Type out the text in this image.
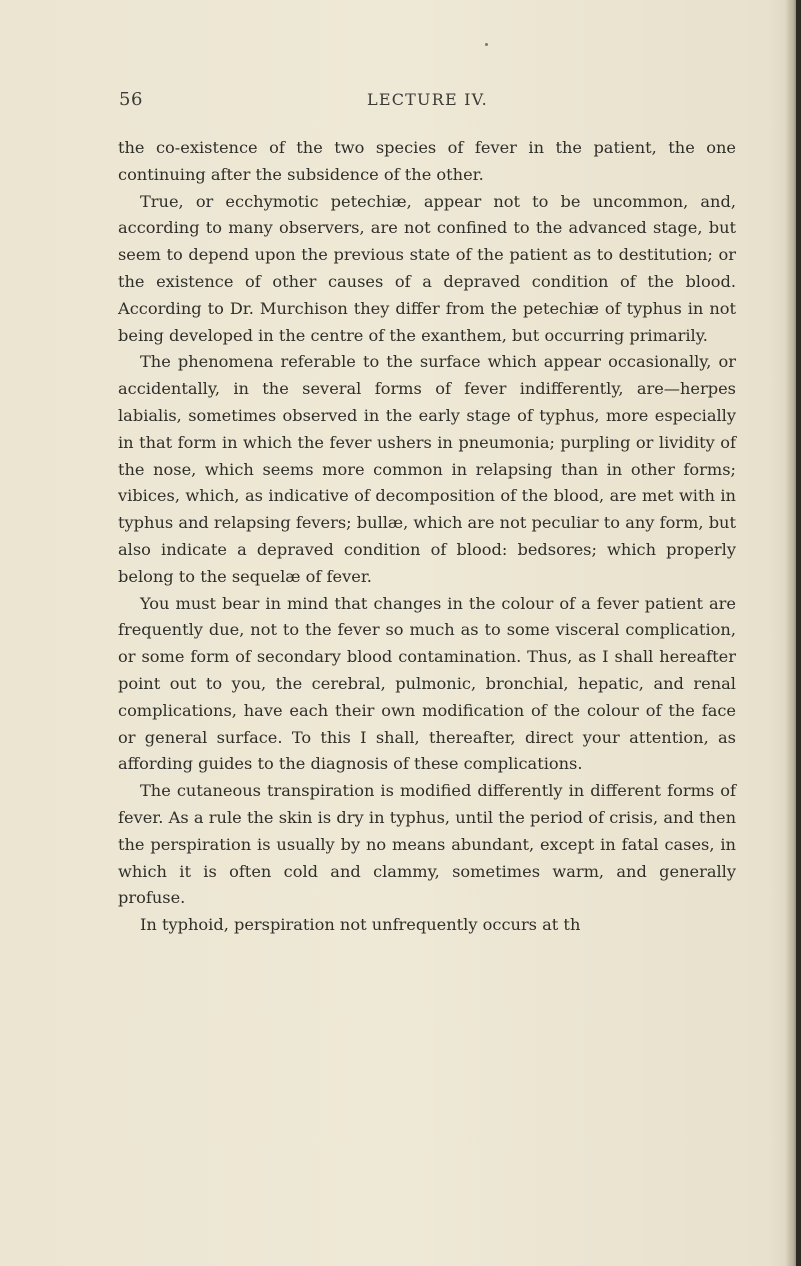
56	LECTURE IV.

the co-existence of the two species of fever in the patient, the one continuing after the subsidence of the other.

True, or ecchymotic petechiæ, appear not to be uncommon, and, according to many observers, are not confined to the advanced stage, but seem to depend upon the previous state of the patient as to destitution; or the existence of other causes of a depraved condition of the blood. According to Dr. Murchison they differ from the petechiæ of typhus in not being developed in the centre of the exanthem, but occurring primarily.

The phenomena referable to the surface which appear occasionally, or accidentally, in the several forms of fever indifferently, are—herpes labialis, sometimes observed in the early stage of typhus, more especially in that form in which the fever ushers in pneumonia; purpling or lividity of the nose, which seems more common in relapsing than in other forms; vibices, which, as indicative of decomposition of the blood, are met with in typhus and relapsing fevers; bullæ, which are not peculiar to any form, but also indicate a depraved condition of blood: bedsores; which properly belong to the sequelæ of fever.

You must bear in mind that changes in the colour of a fever patient are frequently due, not to the fever so much as to some visceral complication, or some form of secondary blood contamination. Thus, as I shall hereafter point out to you, the cerebral, pulmonic, bronchial, hepatic, and renal complications, have each their own modification of the colour of the face or general surface. To this I shall, thereafter, direct your attention, as affording guides to the diagnosis of these complications.

The cutaneous transpiration is modified differently in different forms of fever. As a rule the skin is dry in typhus, until the period of crisis, and then the perspiration is usually by no means abundant, except in fatal cases, in which it is often cold and clammy, sometimes warm, and generally profuse.

In typhoid, perspiration not unfrequently occurs at th
